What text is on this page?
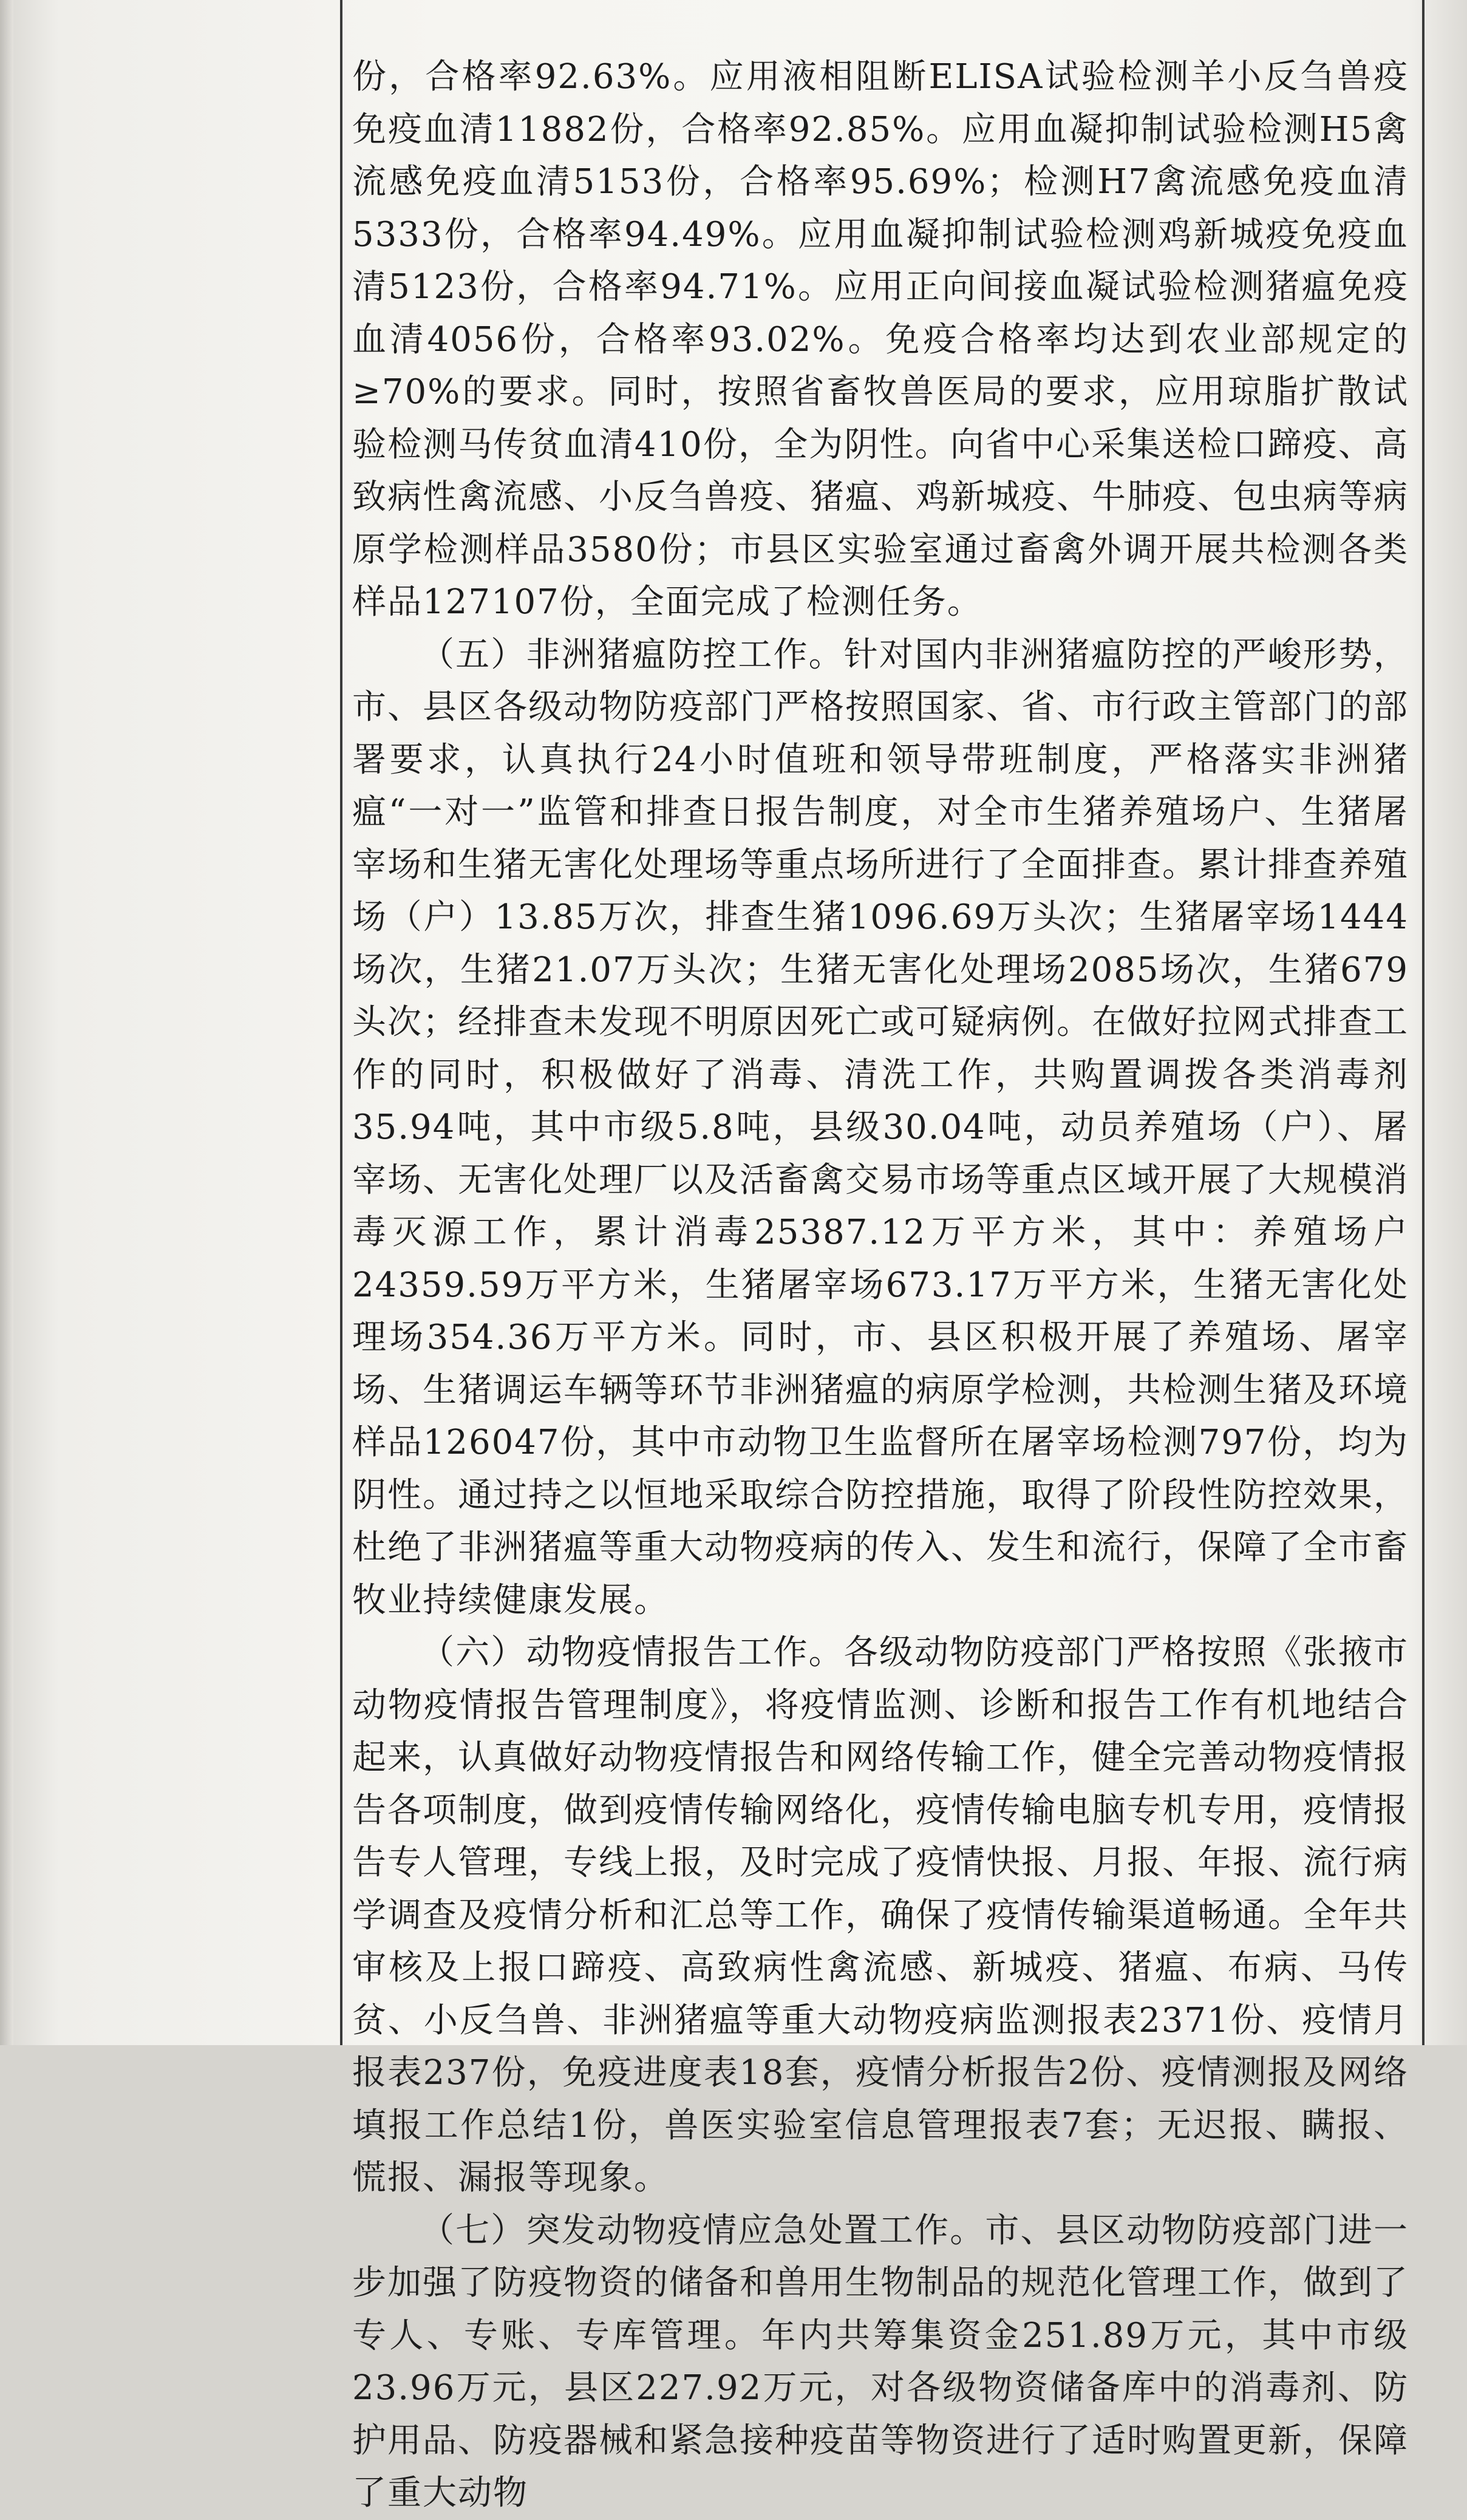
份，合格率92.63%。应用液相阻断ELISA试验检测羊小反刍兽疫免疫血清11882份，合格率92.85%。应用血凝抑制试验检测H5禽流感免疫血清5153份，合格率95.69%；检测H7禽流感免疫血清5333份，合格率94.49%。应用血凝抑制试验检测鸡新城疫免疫血清5123份，合格率94.71%。应用正向间接血凝试验检测猪瘟免疫血清4056份，合格率93.02%。免疫合格率均达到农业部规定的≥70%的要求。同时，按照省畜牧兽医局的要求，应用琼脂扩散试验检测马传贫血清410份，全为阴性。向省中心采集送检口蹄疫、高致病性禽流感、小反刍兽疫、猪瘟、鸡新城疫、牛肺疫、包虫病等病原学检测样品3580份；市县区实验室通过畜禽外调开展共检测各类样品127107份，全面完成了检测任务。

（五）非洲猪瘟防控工作。针对国内非洲猪瘟防控的严峻形势，市、县区各级动物防疫部门严格按照国家、省、市行政主管部门的部署要求，认真执行24小时值班和领导带班制度，严格落实非洲猪瘟“一对一”监管和排查日报告制度，对全市生猪养殖场户、生猪屠宰场和生猪无害化处理场等重点场所进行了全面排查。累计排查养殖场（户）13.85万次，排查生猪1096.69万头次；生猪屠宰场1444场次，生猪21.07万头次；生猪无害化处理场2085场次，生猪679头次；经排查未发现不明原因死亡或可疑病例。在做好拉网式排查工作的同时，积极做好了消毒、清洗工作，共购置调拨各类消毒剂35.94吨，其中市级5.8吨，县级30.04吨，动员养殖场（户）、屠宰场、无害化处理厂以及活畜禽交易市场等重点区域开展了大规模消毒灭源工作，累计消毒25387.12万平方米，其中：养殖场户24359.59万平方米，生猪屠宰场673.17万平方米，生猪无害化处理场354.36万平方米。同时，市、县区积极开展了养殖场、屠宰场、生猪调运车辆等环节非洲猪瘟的病原学检测，共检测生猪及环境样品126047份，其中市动物卫生监督所在屠宰场检测797份，均为阴性。通过持之以恒地采取综合防控措施，取得了阶段性防控效果，杜绝了非洲猪瘟等重大动物疫病的传入、发生和流行，保障了全市畜牧业持续健康发展。

（六）动物疫情报告工作。各级动物防疫部门严格按照《张掖市动物疫情报告管理制度》，将疫情监测、诊断和报告工作有机地结合起来，认真做好动物疫情报告和网络传输工作，健全完善动物疫情报告各项制度，做到疫情传输网络化，疫情传输电脑专机专用，疫情报告专人管理，专线上报，及时完成了疫情快报、月报、年报、流行病学调查及疫情分析和汇总等工作，确保了疫情传输渠道畅通。全年共审核及上报口蹄疫、高致病性禽流感、新城疫、猪瘟、布病、马传贫、小反刍兽、非洲猪瘟等重大动物疫病监测报表2371份、疫情月报表237份，免疫进度表18套，疫情分析报告2份、疫情测报及网络填报工作总结1份，兽医实验室信息管理报表7套；无迟报、瞒报、慌报、漏报等现象。

（七）突发动物疫情应急处置工作。市、县区动物防疫部门进一步加强了防疫物资的储备和兽用生物制品的规范化管理工作，做到了专人、专账、专库管理。年内共筹集资金251.89万元，其中市级23.96万元，县区227.92万元，对各级物资储备库中的消毒剂、防护用品、防疫器械和紧急接种疫苗等物资进行了适时购置更新，保障了重大动物
